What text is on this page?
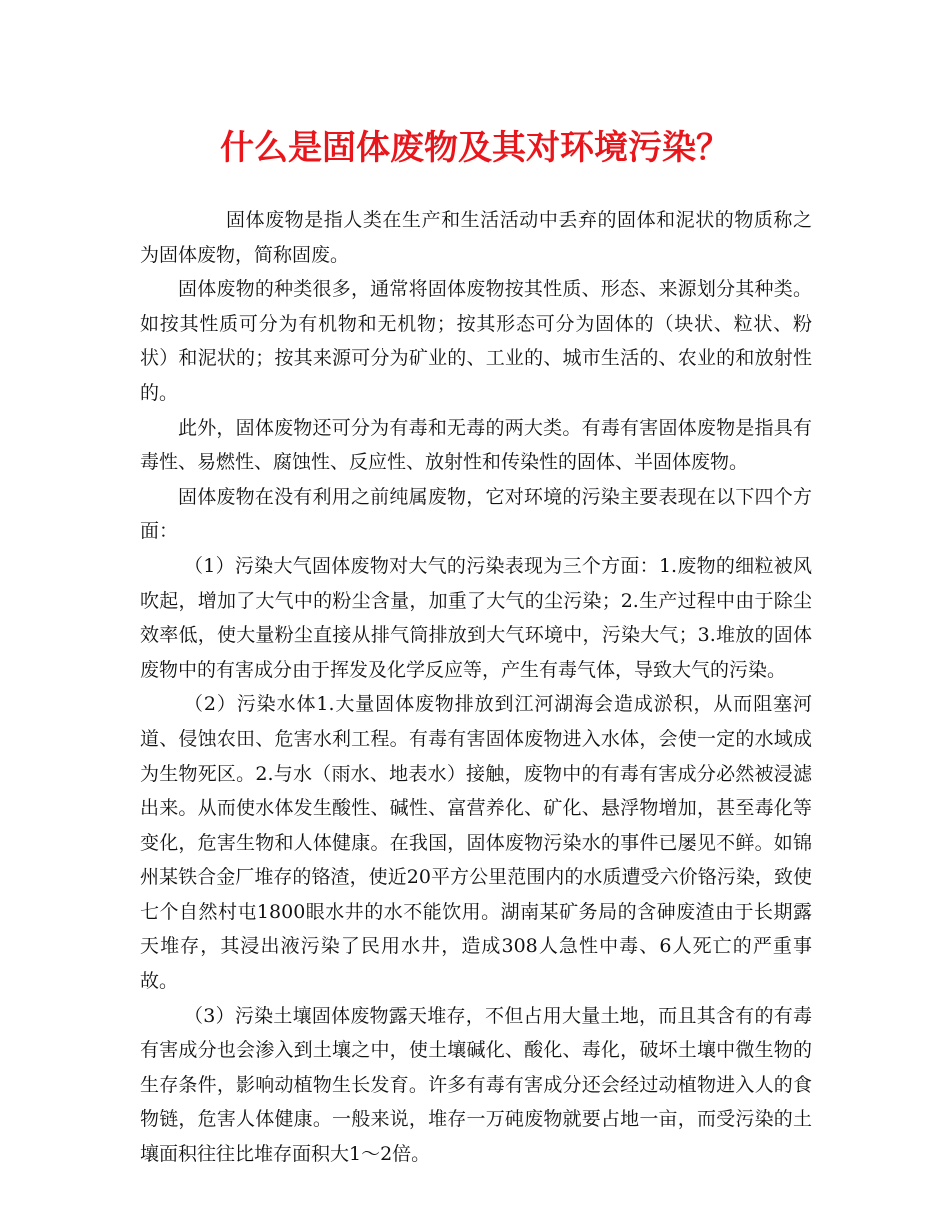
什么是固体废物及其对环境污染？

固体废物是指人类在生产和生活活动中丢弃的固体和泥状的物质称之为固体废物，简称固废。

固体废物的种类很多，通常将固体废物按其性质、形态、来源划分其种类。如按其性质可分为有机物和无机物；按其形态可分为固体的（块状、粒状、粉状）和泥状的；按其来源可分为矿业的、工业的、城市生活的、农业的和放射性的。

此外，固体废物还可分为有毒和无毒的两大类。有毒有害固体废物是指具有毒性、易燃性、腐蚀性、反应性、放射性和传染性的固体、半固体废物。

固体废物在没有利用之前纯属废物，它对环境的污染主要表现在以下四个方面：

（1）污染大气固体废物对大气的污染表现为三个方面：1.废物的细粒被风吹起，增加了大气中的粉尘含量，加重了大气的尘污染；2.生产过程中由于除尘效率低，使大量粉尘直接从排气筒排放到大气环境中，污染大气；3.堆放的固体废物中的有害成分由于挥发及化学反应等，产生有毒气体，导致大气的污染。

（2）污染水体1.大量固体废物排放到江河湖海会造成淤积，从而阻塞河道、侵蚀农田、危害水利工程。有毒有害固体废物进入水体，会使一定的水域成为生物死区。2.与水（雨水、地表水）接触，废物中的有毒有害成分必然被浸滤出来。从而使水体发生酸性、碱性、富营养化、矿化、悬浮物增加，甚至毒化等变化，危害生物和人体健康。在我国，固体废物污染水的事件已屡见不鲜。如锦州某铁合金厂堆存的铬渣，使近20平方公里范围内的水质遭受六价铬污染，致使七个自然村屯1800眼水井的水不能饮用。湖南某矿务局的含砷废渣由于长期露天堆存，其浸出液污染了民用水井，造成308人急性中毒、6人死亡的严重事故。

（3）污染土壤固体废物露天堆存，不但占用大量土地，而且其含有的有毒有害成分也会渗入到土壤之中，使土壤碱化、酸化、毒化，破坏土壤中微生物的生存条件，影响动植物生长发育。许多有毒有害成分还会经过动植物进入人的食物链，危害人体健康。一般来说，堆存一万砘废物就要占地一亩，而受污染的土壤面积往往比堆存面积大1～2倍。
